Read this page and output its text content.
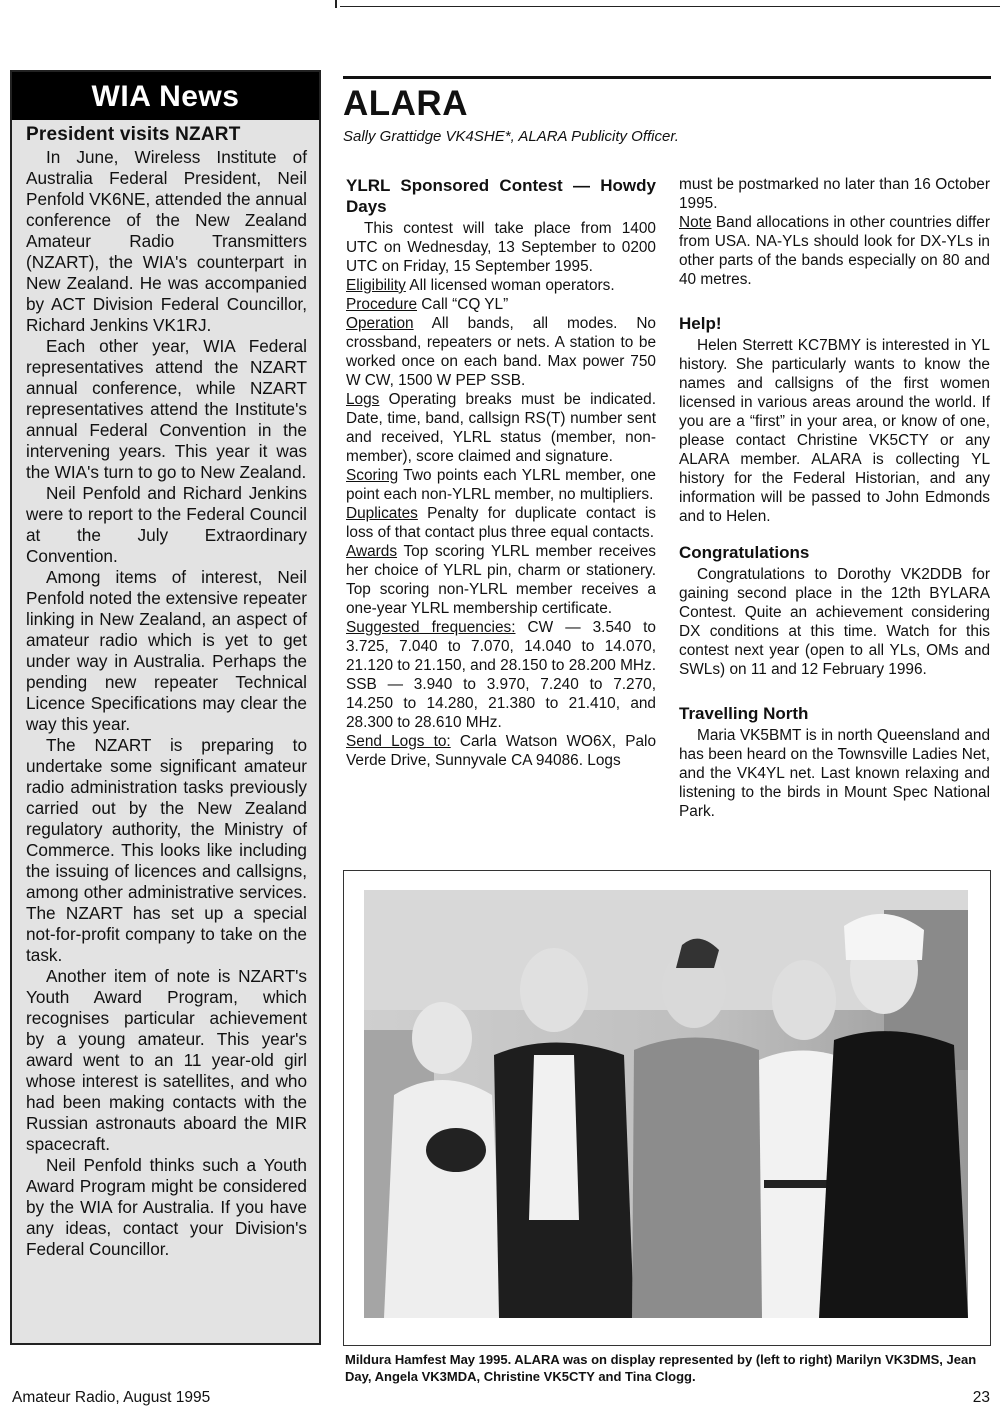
WIA News
President visits NZART

In June, Wireless Institute of Australia Federal President, Neil Penfold VK6NE, attended the annual conference of the New Zealand Amateur Radio Transmitters (NZART), the WIA's counterpart in New Zealand. He was accompanied by ACT Division Federal Councillor, Richard Jenkins VK1RJ.

Each other year, WIA Federal representatives attend the NZART annual conference, while NZART representatives attend the Institute's annual Federal Convention in the intervening years. This year it was the WIA's turn to go to New Zealand.

Neil Penfold and Richard Jenkins were to report to the Federal Council at the July Extraordinary Convention.

Among items of interest, Neil Penfold noted the extensive repeater linking in New Zealand, an aspect of amateur radio which is yet to get under way in Australia. Perhaps the pending new repeater Technical Licence Specifications may clear the way this year.

The NZART is preparing to undertake some significant amateur radio administration tasks previously carried out by the New Zealand regulatory authority, the Ministry of Commerce. This looks like including the issuing of licences and callsigns, among other administrative services. The NZART has set up a special not-for-profit company to take on the task.

Another item of note is NZART's Youth Award Program, which recognises particular achievement by a young amateur. This year's award went to an 11 year-old girl whose interest is satellites, and who had been making contacts with the Russian astronauts aboard the MIR spacecraft.

Neil Penfold thinks such a Youth Award Program might be considered by the WIA for Australia. If you have any ideas, contact your Division's Federal Councillor.

ALARA
Sally Grattidge VK4SHE*, ALARA Publicity Officer.
YLRL Sponsored Contest — Howdy Days

This contest will take place from 1400 UTC on Wednesday, 13 September to 0200 UTC on Friday, 15 September 1995.

Eligibility All licensed woman operators.

Procedure Call “CQ YL”

Operation All bands, all modes. No crossband, repeaters or nets. A station to be worked once on each band. Max power 750 W CW, 1500 W PEP SSB.

Logs Operating breaks must be indicated. Date, time, band, callsign RS(T) number sent and received, YLRL status (member, non-member), score claimed and signature.

Scoring Two points each YLRL member, one point each non-YLRL member, no multipliers.

Duplicates Penalty for duplicate contact is loss of that contact plus three equal contacts.

Awards Top scoring YLRL member receives her choice of YLRL pin, charm or stationery. Top scoring non-YLRL member receives a one-year YLRL membership certificate.

Suggested frequencies: CW — 3.540 to 3.725, 7.040 to 7.070, 14.040 to 14.070, 21.120 to 21.150, and 28.150 to 28.200 MHz. SSB — 3.940 to 3.970, 7.240 to 7.270, 14.250 to 14.280, 21.380 to 21.410, and 28.300 to 28.610 MHz.

Send Logs to: Carla Watson WO6X, Palo Verde Drive, Sunnyvale CA 94086. Logs

must be postmarked no later than 16 October 1995.

Note Band allocations in other countries differ from USA. NA-YLs should look for DX-YLs in other parts of the bands especially on 80 and 40 metres.

Help!

Helen Sterrett KC7BMY is interested in YL history. She particularly wants to know the names and callsigns of the first women licensed in various areas around the world. If you are a “first” in your area, or know of one, please contact Christine VK5CTY or any ALARA member. ALARA is collecting YL history for the Federal Historian, and any information will be passed to John Edmonds and to Helen.

Congratulations

Congratulations to Dorothy VK2DDB for gaining second place in the 12th BYLARA Contest. Quite an achievement considering DX conditions at this time. Watch for this contest next year (open to all YLs, OMs and SWLs) on 11 and 12 February 1996.

Travelling North

Maria VK5BMT is in north Queensland and has been heard on the Townsville Ladies Net, and the VK4YL net. Last known relaxing and listening to the birds in Mount Spec National Park.

Mildura Hamfest May 1995. ALARA was on display represented by (left to right) Marilyn VK3DMS, Jean Day, Angela VK3MDA, Christine VK5CTY and Tina Clogg.
Amateur Radio, August 1995	23
